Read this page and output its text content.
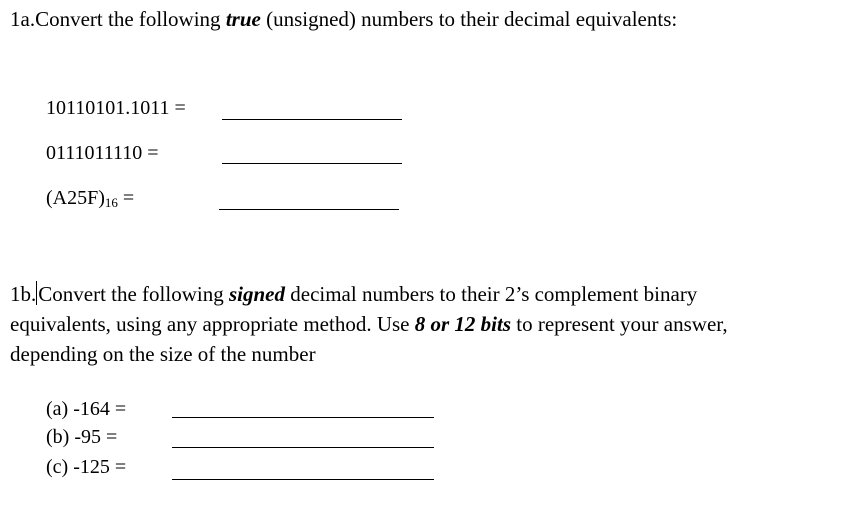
1a.Convert the following true (unsigned) numbers to their decimal equivalents:
10110101.1011 =
0111011110 =
$(A25F)_{16}$ =
1b.Convert the following signed decimal numbers to their 2’s complement binary
equivalents, using any appropriate method. Use 8 or 12 bits to represent your answer,
depending on the size of the number
(a) -164 =
(b) -95 =
(c) -125 =
